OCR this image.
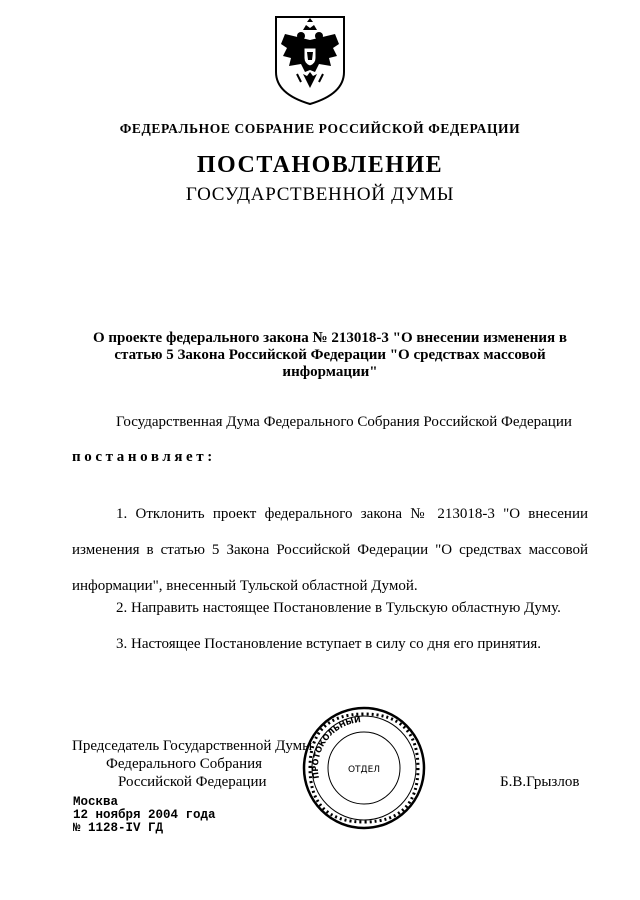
ФЕДЕРАЛЬНОЕ СОБРАНИЕ РОССИЙСКОЙ ФЕДЕРАЦИИ
ПОСТАНОВЛЕНИЕ
ГОСУДАРСТВЕННОЙ ДУМЫ
О проекте федерального закона № 213018-3 "О внесении изменения в статью 5 Закона Российской Федерации "О средствах массовой информации"
Государственная Дума Федерального Собрания Российской Федерации
постановляет:
1. Отклонить проект федерального закона № 213018-3 "О внесении изменения в статью 5 Закона Российской Федерации "О средствах массовой информации", внесенный Тульской областной Думой.
2. Направить настоящее Постановление в Тульскую областную Думу.
3. Настоящее Постановление вступает в силу со дня его принятия.
Председатель Государственной Думы
Федерального Собрания
Российской Федерации	Б.В.Грызлов
Москва
12 ноября 2004 года
№ 1128-IV ГД
ПРОТОКОЛЬНЫЙ
ОТДЕЛ
